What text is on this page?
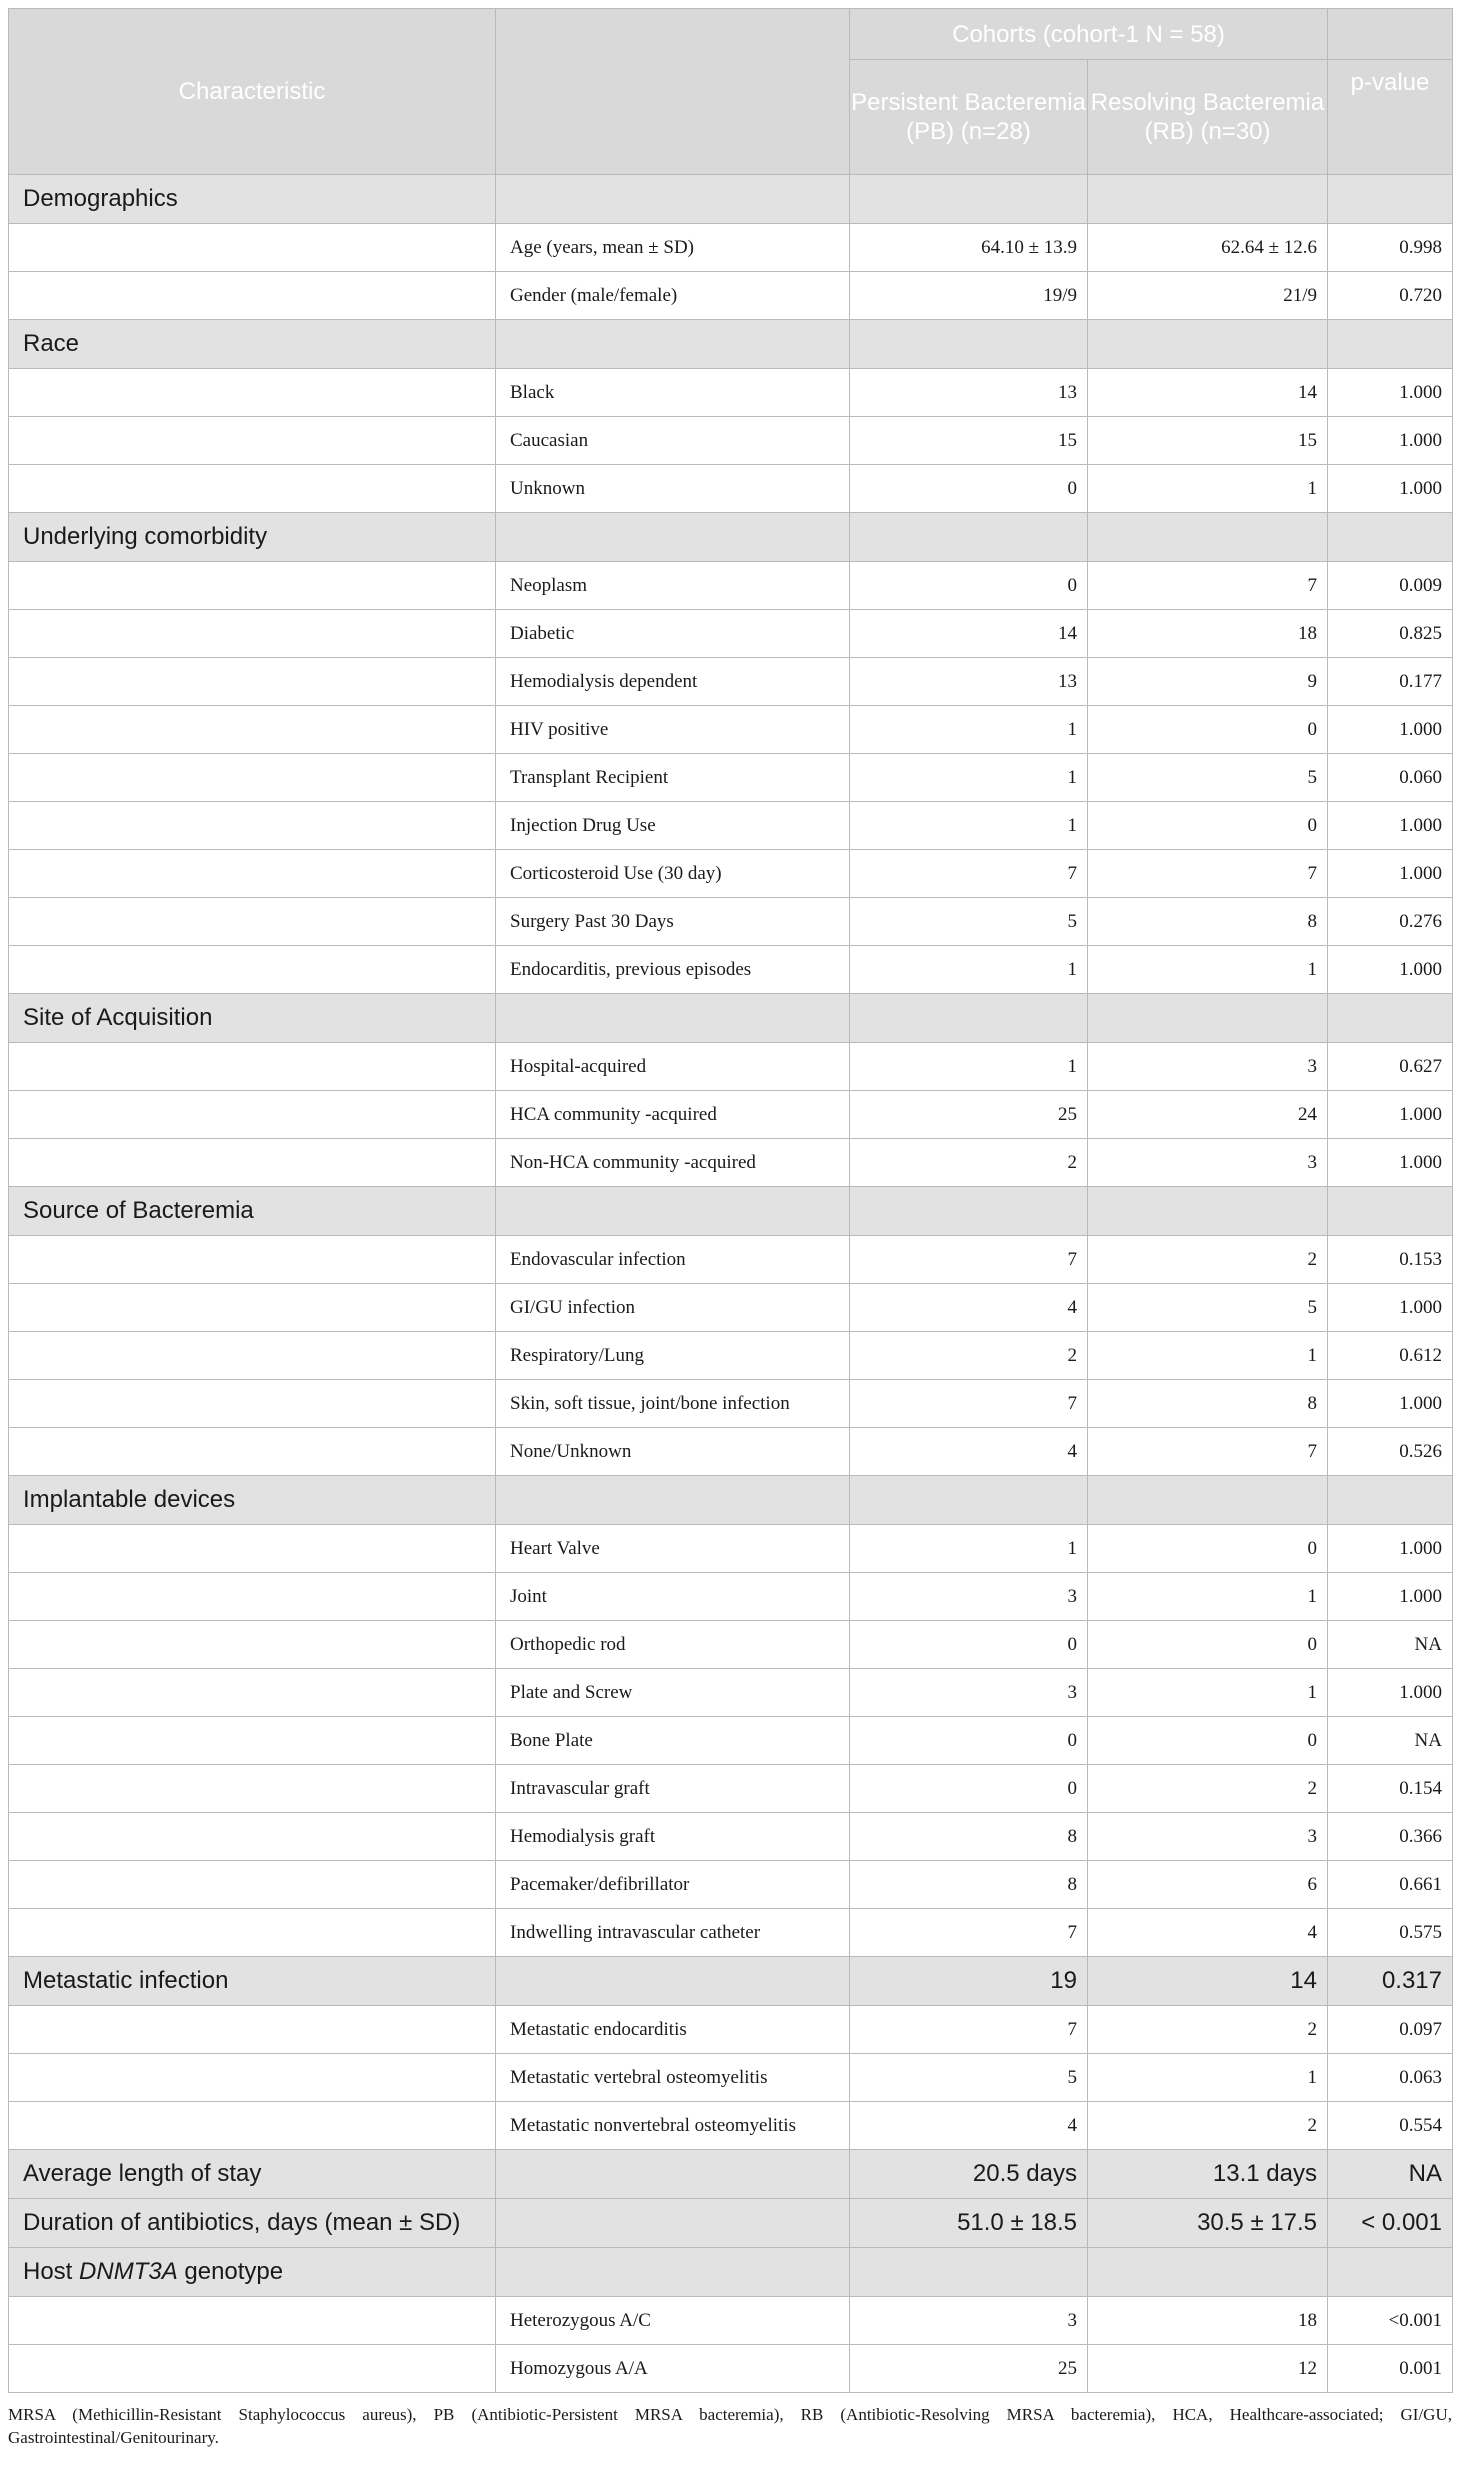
Characteristic		Cohorts (cohort-1 N = 58)		
		Persistent Bacteremia (PB) (n=28)	Resolving Bacteremia (RB) (n=30)	p-value
Demographics				
	Age (years, mean ± SD)	64.10 ± 13.9	62.64 ± 12.6	0.998
	Gender (male/female)	19/9	21/9	0.720
Race				
	Black	13	14	1.000
	Caucasian	15	15	1.000
	Unknown	0	1	1.000
Underlying comorbidity				
	Neoplasm	0	7	0.009
	Diabetic	14	18	0.825
	Hemodialysis dependent	13	9	0.177
	HIV positive	1	0	1.000
	Transplant Recipient	1	5	0.060
	Injection Drug Use	1	0	1.000
	Corticosteroid Use (30 day)	7	7	1.000
	Surgery Past 30 Days	5	8	0.276
	Endocarditis, previous episodes	1	1	1.000
Site of Acquisition				
	Hospital-acquired	1	3	0.627
	HCA community -acquired	25	24	1.000
	Non-HCA community -acquired	2	3	1.000
Source of Bacteremia				
	Endovascular infection	7	2	0.153
	GI/GU infection	4	5	1.000
	Respiratory/Lung	2	1	0.612
	Skin, soft tissue, joint/bone infection	7	8	1.000
	None/Unknown	4	7	0.526
Implantable devices				
	Heart Valve	1	0	1.000
	Joint	3	1	1.000
	Orthopedic rod	0	0	NA
	Plate and Screw	3	1	1.000
	Bone Plate	0	0	NA
	Intravascular graft	0	2	0.154
	Hemodialysis graft	8	3	0.366
	Pacemaker/defibrillator	8	6	0.661
	Indwelling intravascular catheter	7	4	0.575
Metastatic infection		19	14	0.317
	Metastatic endocarditis	7	2	0.097
	Metastatic vertebral osteomyelitis	5	1	0.063
	Metastatic nonvertebral osteomyelitis	4	2	0.554
Average length of stay		20.5 days	13.1 days	NA
Duration of antibiotics, days (mean ± SD)		51.0 ± 18.5	30.5 ± 17.5	< 0.001
Host DNMT3A genotype				
	Heterozygous A/C	3	18	<0.001
	Homozygous A/A	25	12	0.001
MRSA (Methicillin-Resistant Staphylococcus aureus), PB (Antibiotic-Persistent MRSA bacteremia), RB (Antibiotic-Resolving MRSA bacteremia), HCA, Healthcare-associated; GI/GU, Gastrointestinal/Genitourinary.
